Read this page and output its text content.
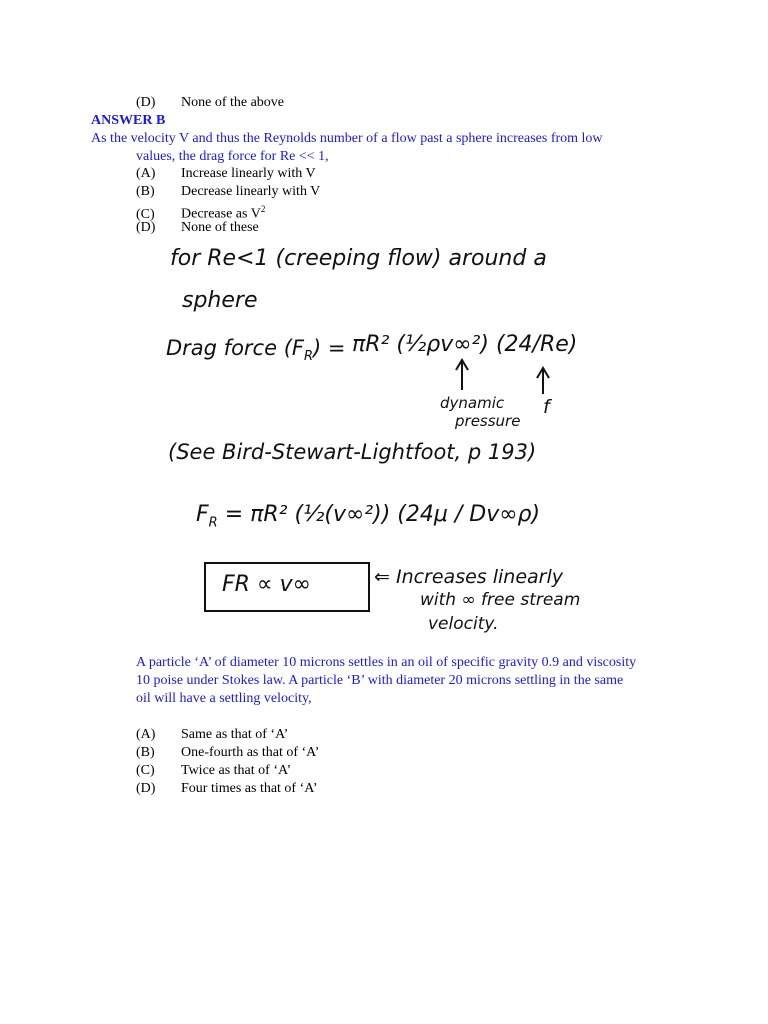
(D) None of the above
ANSWER B
As the velocity V and thus the Reynolds number of a flow past a sphere increases from low
values, the drag force for Re << 1,
(A) Increase linearly with V
(B) Decrease linearly with V
(C) Decrease as $V^2$
(D) None of these
for Re<1 (creeping flow) around a
sphere
Drag force $(F_R) = \pi R^2$ (½ρv∞²) (24/Re)
dynamic
pressure
f
(See Bird-Stewart-Lightfoot, p 193)
$F_R = \pi R^2$ (½(v∞²)) (24μ / Dv∞ρ)
FR ∝ v∞	⇐ Increases linearly
with ∞ free stream
velocity.
A particle ‘A’ of diameter 10 microns settles in an oil of specific gravity 0.9 and viscosity
10 poise under Stokes law. A particle ‘B’ with diameter 20 microns settling in the same
oil will have a settling velocity,
(A) Same as that of ‘A’
(B) One-fourth as that of ‘A’
(C) Twice as that of ‘A’
(D) Four times as that of ‘A’
